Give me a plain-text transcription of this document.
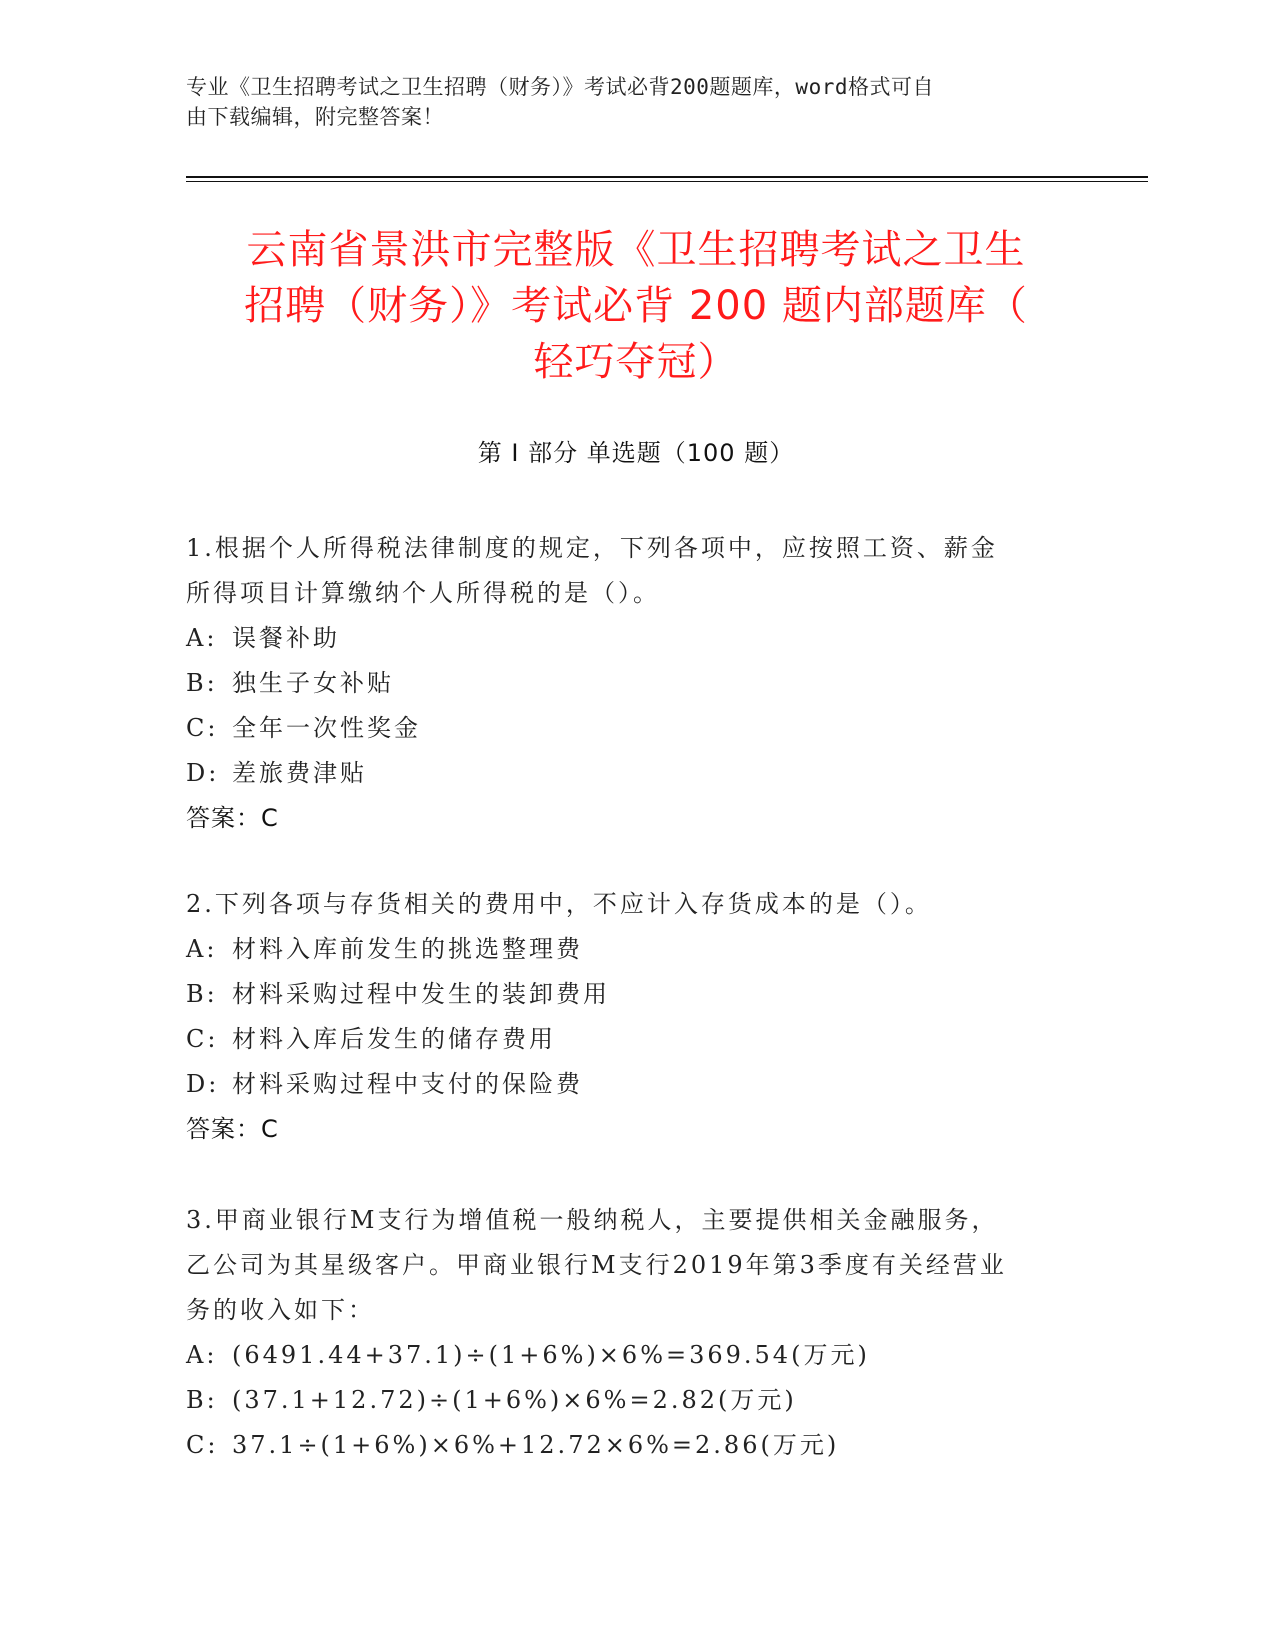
专业《卫生招聘考试之卫生招聘（财务）》考试必背200题题库，word格式可自
由下载编辑，附完整答案！
云南省景洪市完整版《卫生招聘考试之卫生
招聘（财务）》考试必背 200 题内部题库（
轻巧夺冠）
第 I 部分 单选题（100 题）
1.根据个人所得税法律制度的规定，下列各项中，应按照工资、薪金
所得项目计算缴纳个人所得税的是（）。
A: 误餐补助
B: 独生子女补贴
C: 全年一次性奖金
D: 差旅费津贴
答案：C
2.下列各项与存货相关的费用中，不应计入存货成本的是（）。
A: 材料入库前发生的挑选整理费
B: 材料采购过程中发生的装卸费用
C: 材料入库后发生的储存费用
D: 材料采购过程中支付的保险费
答案：C
3.甲商业银行M支行为增值税一般纳税人，主要提供相关金融服务，
乙公司为其星级客户。甲商业银行M支行2019年第3季度有关经营业
务的收入如下：
A: (6491.44+37.1)÷(1+6%)×6%=369.54(万元)
B: (37.1+12.72)÷(1+6%)×6%=2.82(万元)
C: 37.1÷(1+6%)×6%+12.72×6%=2.86(万元)
